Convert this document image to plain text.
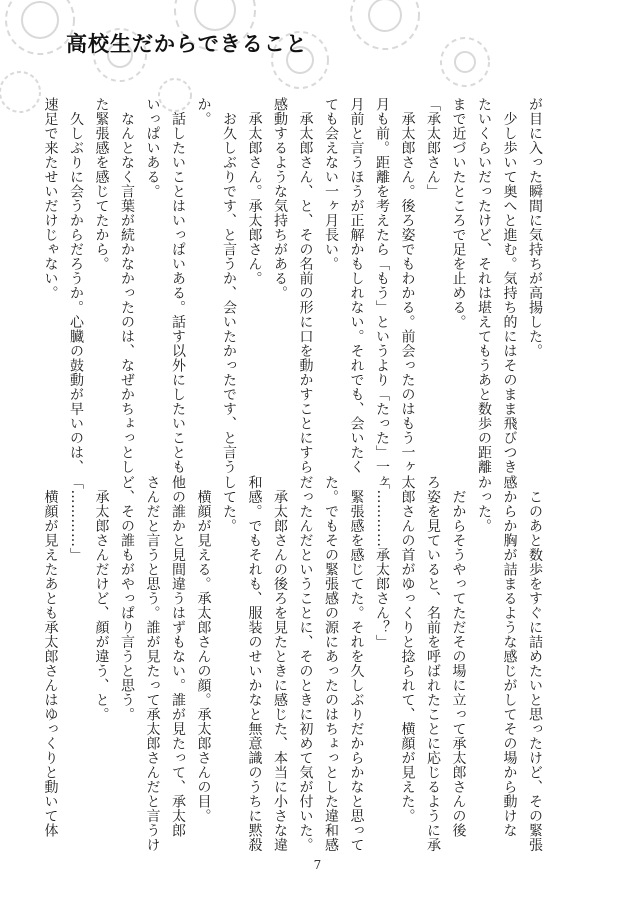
高校生だからできること
が目に入った瞬間に気持ちが高揚した。
　少し歩いて奥へと進む。気持ち的にはそのまま飛びつき
たいくらいだったけど、それは堪えてもうあと数歩の距離
まで近づいたところで足を止める。
「承太郎さん」
　承太郎さん。後ろ姿でもわかる。前会ったのはもう一ヶ
月も前。距離を考えたら「もう」というより「たった」一ヶ
月前と言うほうが正解かもしれない。それでも、会いたく
ても会えない一ヶ月長い。
　承太郎さん、と、その名前の形に口を動かすことにすら
感動するような気持ちがある。
　承太郎さん。承太郎さん。
　お久しぶりです、と言うか、会いたかったです、と言う
か。
　話したいことはいっぱいある。話す以外にしたいことも
いっぱいある。
　なんとなく言葉が続かなかったのは、なぜかちょっとし
た緊張感を感じてたから。
　久しぶりに会うからだろうか。心臓の鼓動が早いのは、
速足で来たせいだけじゃない。
　このあと数歩をすぐに詰めたいと思ったけど、その緊張
感からか胸が詰まるような感じがしてその場から動けな
かった。
　だからそうやってただその場に立って承太郎さんの後
ろ姿を見ていると、名前を呼ばれたことに応じるように承
太郎さんの首がゆっくりと捻られて、横顔が見えた。
「…………承太郎さん？」
　緊張感を感じてた。それを久しぶりだからかなと思って
た。でもその緊張感の源にあったのはちょっとした違和感
だったんだということに、そのときに初めて気が付いた。
　承太郎さんの後ろを見たときに感じた、本当に小さな違
和感。でもそれも、服装のせいかなと無意識のうちに黙殺
してた。
　横顔が見える。承太郎さんの顔。承太郎さんの目。
他の誰かと見間違うはずもない。誰が見たって、承太郎
さんだと言うと思う。誰が見たって承太郎さんだと言うけ
ど、その誰もがやっぱり言うと思う。
　承太郎さんだけど、顔が違う、と。
「…………」
　横顔が見えたあとも承太郎さんはゆっくりと動いて体
7
